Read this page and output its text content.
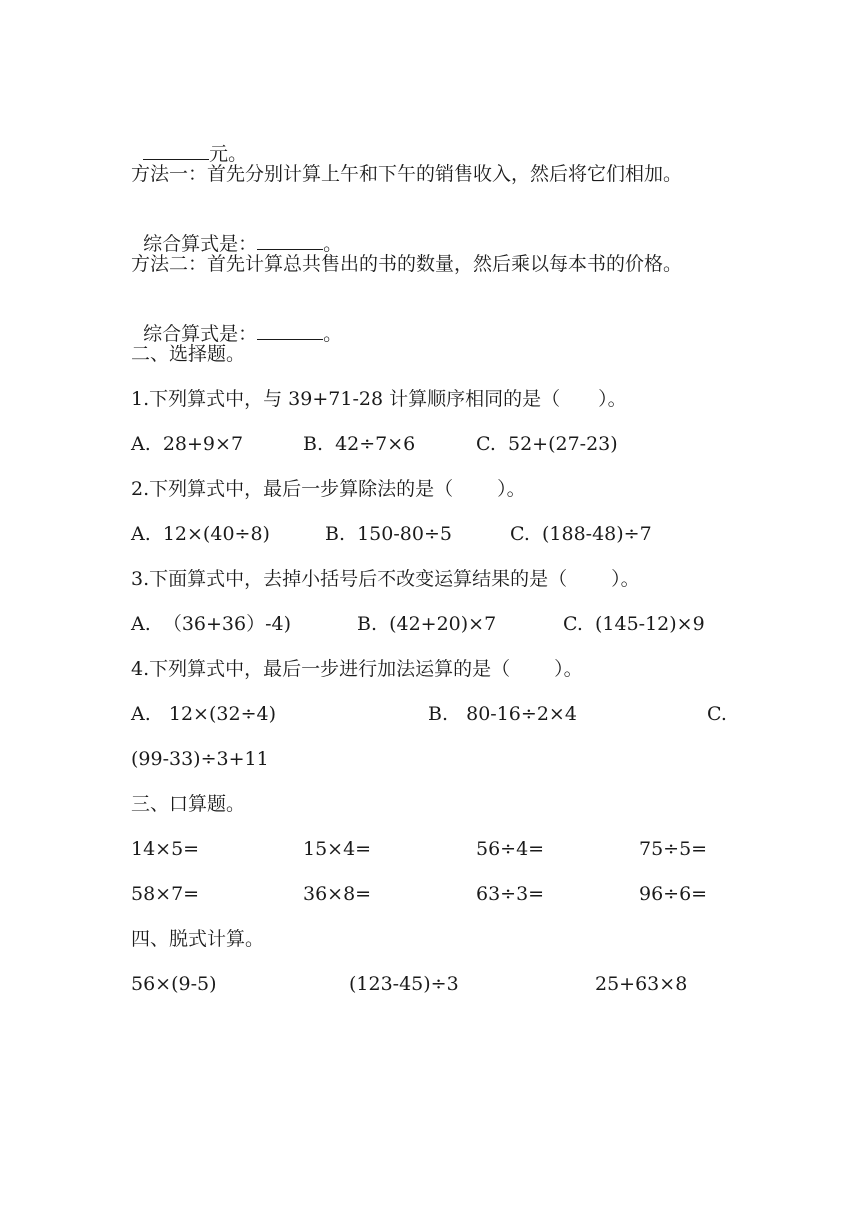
元。

方法一：首先分别计算上午和下午的销售收入，然后将它们相加。

综合算式是：	。

方法二：首先计算总共售出的书的数量，然后乘以每本书的价格。

综合算式是：	。

二、选择题。
1.下列算式中，与 39+71-28 计算顺序相同的是（　　）。
A.  28+9×7	B.  42÷7×6	C.  52+(27-23)
2.下列算式中，最后一步算除法的是（　　 ）。
A.  12×(40÷8)	B.  150-80÷5	C.  (188-48)÷7
3.下面算式中，去掉小括号后不改变运算结果的是（　　 ）。
A.  （36+36）-4)	B.  (42+20)×7	C.  (145-12)×9
4.下列算式中，最后一步进行加法运算的是（　　 ）。
A.   12×(32÷4)	B.   80-16÷2×4	C.
(99-33)÷3+11
三、口算题。
14×5=	15×4=	56÷4=	75÷5=
58×7=	36×8=	63÷3=	96÷6=
四、脱式计算。
56×(9-5)	(123-45)÷3	25+63×8
